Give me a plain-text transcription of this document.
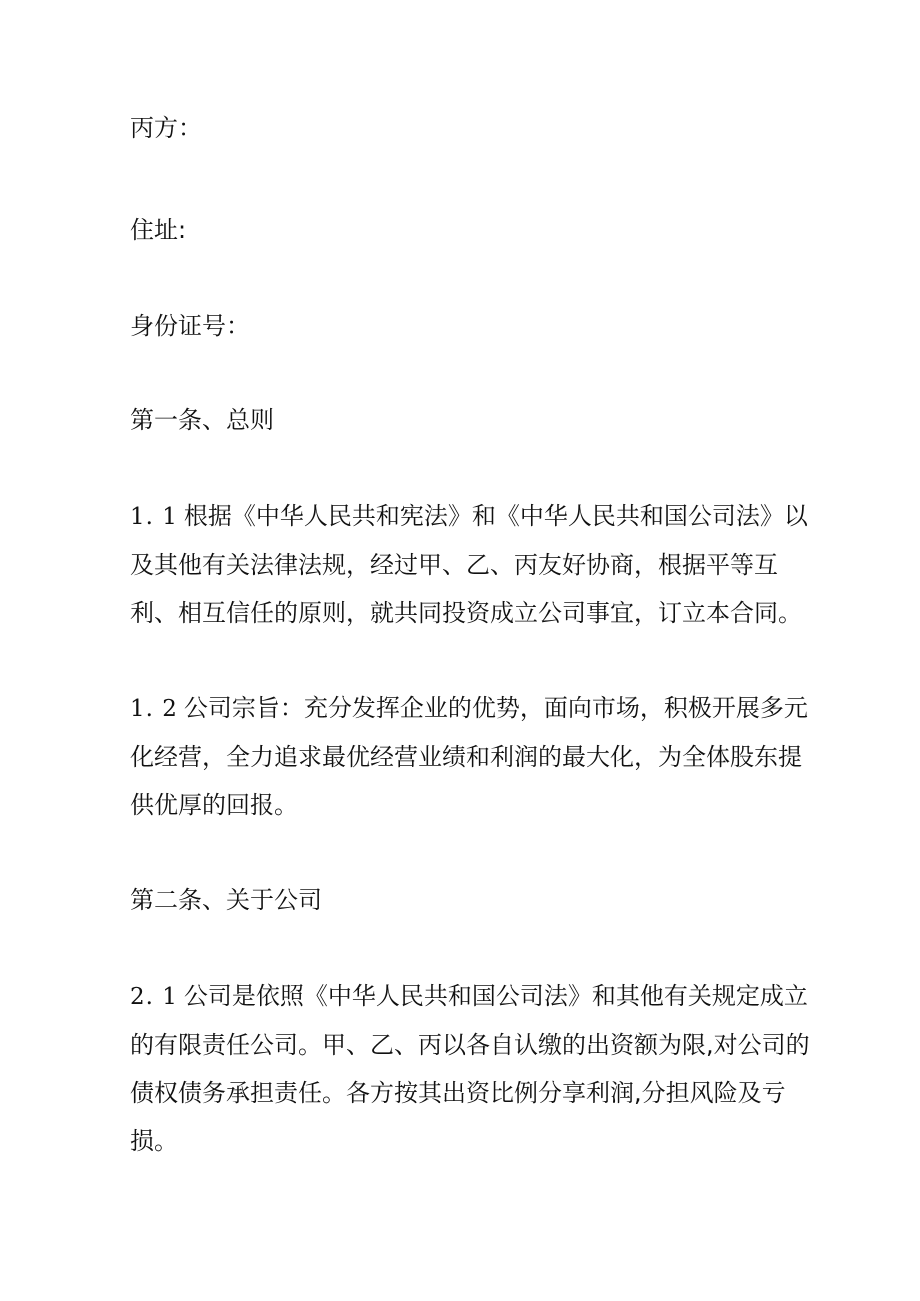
丙方：
住址:
身份证号：
第一条、总则
1. 1 根据《中华人民共和宪法》和《中华人民共和国公司法》以
及其他有关法律法规，经过甲、乙、丙友好协商，根据平等互
利、相互信任的原则，就共同投资成立公司事宜，订立本合同。
1. 2 公司宗旨：充分发挥企业的优势，面向市场，积极开展多元
化经营，全力追求最优经营业绩和利润的最大化，为全体股东提
供优厚的回报。
第二条、关于公司
2. 1 公司是依照《中华人民共和国公司法》和其他有关规定成立
的有限责任公司。甲、乙、丙以各自认缴的出资额为限,对公司的
债权债务承担责任。各方按其出资比例分享利润,分担风险及亏
损。
